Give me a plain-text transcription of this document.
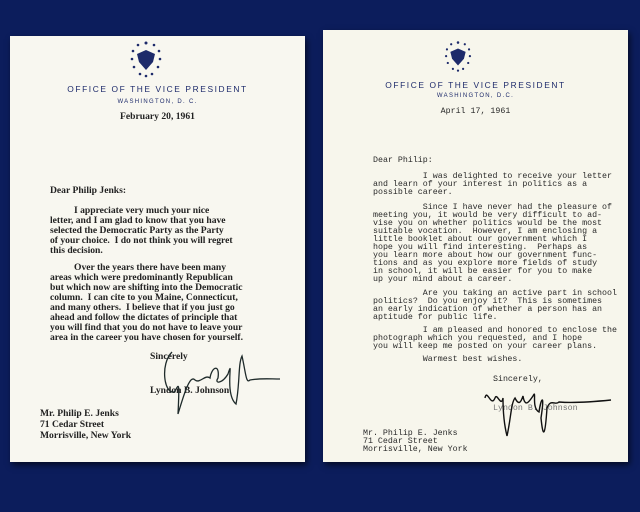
OFFICE OF THE VICE PRESIDENT
WASHINGTON, D. C.
February 20, 1961
Dear Philip Jenks:
I appreciate very much your nice
letter, and I am glad to know that you have
selected the Democratic Party as the Party
of your choice.  I do not think you will regret
this decision.
Over the years there have been many
areas which were predominantly Republican
but which now are shifting into the Democratic
column.  I can cite to you Maine, Connecticut,
and many others.  I believe that if you just go
ahead and follow the dictates of principle that
you will find that you do not have to leave your
area in the career you have chosen for yourself.
Sincerely
Lyndon B. Johnson
Mr. Philip E. Jenks
71 Cedar Street
Morrisville, New York
OFFICE OF THE VICE PRESIDENT
WASHINGTON, D.C.
April 17, 1961
Dear Philip:
I was delighted to receive your letter
and learn of your interest in politics as a
possible career.
Since I have never had the pleasure of
meeting you, it would be very difficult to ad-
vise you on whether politics would be the most
suitable vocation.  However, I am enclosing a
little booklet about our government which I
hope you will find interesting.  Perhaps as
you learn more about how our government func-
tions and as you explore more fields of study
in school, it will be easier for you to make
up your mind about a career.
Are you taking an active part in school
politics?  Do you enjoy it?  This is sometimes
an early indication of whether a person has an
aptitude for public life.
I am pleased and honored to enclose the
photograph which you requested, and I hope
you will keep me posted on your career plans.
Warmest best wishes.
Sincerely,
Lyndon B. Johnson
Mr. Philip E. Jenks
71 Cedar Street
Morrisville, New York
